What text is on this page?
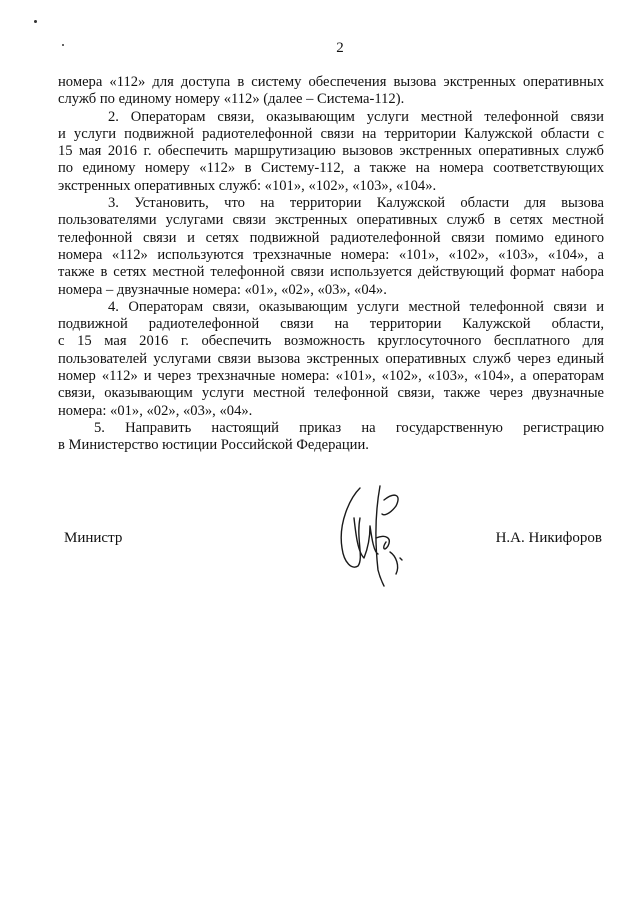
2

номера «112» для доступа в систему обеспечения вызова экстренных оперативных
служб по единому номеру «112» (далее – Система-112).

2. Операторам связи, оказывающим услуги местной телефонной связи
и услуги подвижной радиотелефонной связи на территории Калужской области с
15 мая 2016 г. обеспечить маршрутизацию вызовов экстренных оперативных служб
по единому номеру «112» в Систему-112, а также на номера соответствующих
экстренных оперативных служб: «101», «102», «103», «104».

3. Установить, что на территории Калужской области для вызова
пользователями услугами связи экстренных оперативных служб в сетях местной
телефонной связи и сетях подвижной радиотелефонной связи помимо единого
номера «112» используются трехзначные номера: «101», «102», «103», «104», а
также в сетях местной телефонной связи используется действующий формат набора
номера – двузначные номера: «01», «02», «03», «04».

4. Операторам связи, оказывающим услуги местной телефонной связи и
подвижной радиотелефонной связи на территории Калужской области,
с 15 мая 2016 г. обеспечить возможность круглосуточного бесплатного для
пользователей услугами связи вызова экстренных оперативных служб через единый
номер «112» и через трехзначные номера: «101», «102», «103», «104», а операторам
связи, оказывающим услуги местной телефонной связи, также через двузначные
номера: «01», «02», «03», «04».

5. Направить настоящий приказ на государственную регистрацию
в Министерство юстиции Российской Федерации.

Министр	Н.А. Никифоров
